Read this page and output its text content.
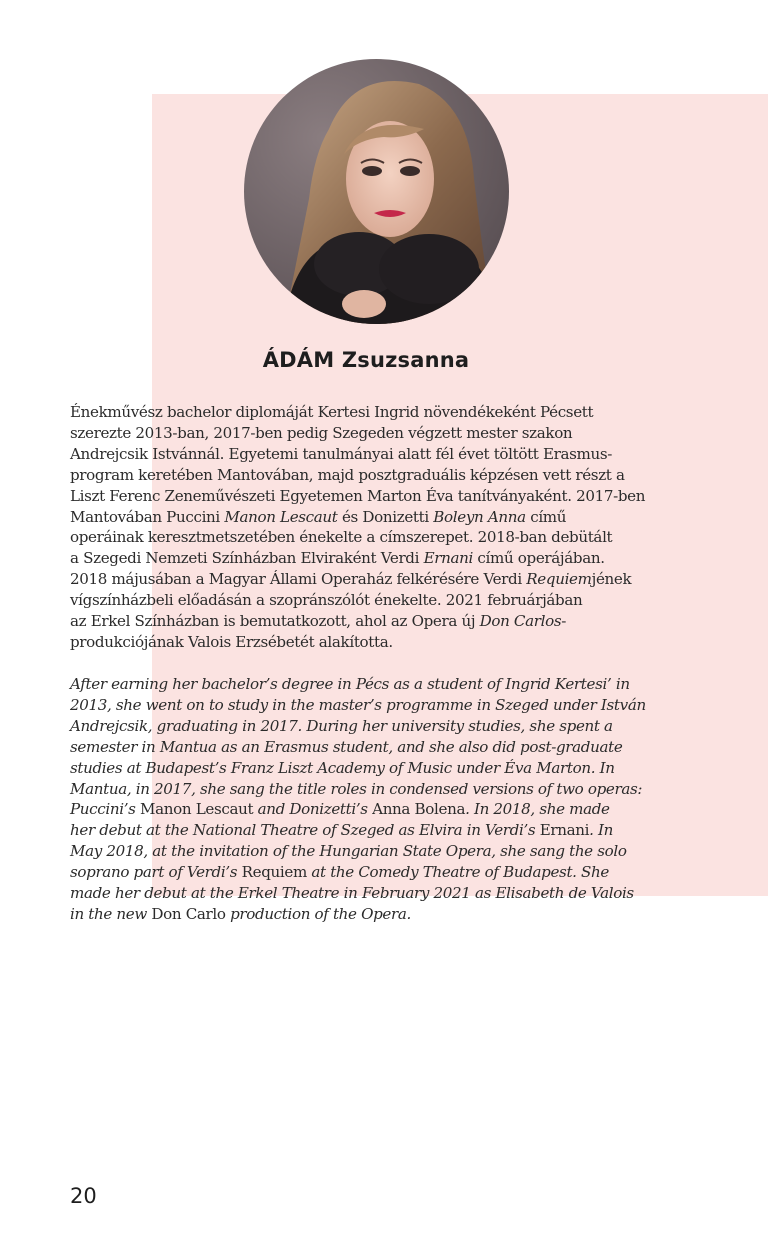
ÁDÁM Zsuzsanna

Énekművész bachelor diplomáját Kertesi Ingrid növendékeként Pécsett

szerezte 2013-ban, 2017-ben pedig Szegeden végzett mester szakon

Andrejcsik Istvánnál. Egyetemi tanulmányai alatt fél évet töltött Erasmus-

program keretében Mantovában, majd posztgraduális képzésen vett részt a

Liszt Ferenc Zeneművészeti Egyetemen Marton Éva tanítványaként. 2017-ben

Mantovában Puccini Manon Lescaut és Donizetti Boleyn Anna című

operáinak keresztmetszetében énekelte a címszerepet. 2018-ban debütált

a Szegedi Nemzeti Színházban Elviraként Verdi Ernani című operájában.

2018 májusában a Magyar Állami Operaház felkérésére Verdi Requiemjének

vígszínházbeli előadásán a szopránszólót énekelte. 2021 februárjában

az Erkel Színházban is bemutatkozott, ahol az Opera új Don Carlos-

produkciójának Valois Erzsébetét alakította.

After earning her bachelor’s degree in Pécs as a student of Ingrid Kertesi’ in

2013, she went on to study in the master’s programme in Szeged under István

Andrejcsik, graduating in 2017. During her university studies, she spent a

semester in Mantua as an Erasmus student, and she also did post-graduate

studies at Budapest’s Franz Liszt Academy of Music under Éva Marton. In

Mantua, in 2017, she sang the title roles in condensed versions of two operas:

Puccini’s Manon Lescaut and Donizetti’s Anna Bolena. In 2018, she made

her debut at the National Theatre of Szeged as Elvira in Verdi’s Ernani. In

May 2018, at the invitation of the Hungarian State Opera, she sang the solo

soprano part of Verdi’s Requiem at the Comedy Theatre of Budapest. She

made her debut at the Erkel Theatre in February 2021 as Elisabeth de Valois

in the new Don Carlo production of the Opera.

20
